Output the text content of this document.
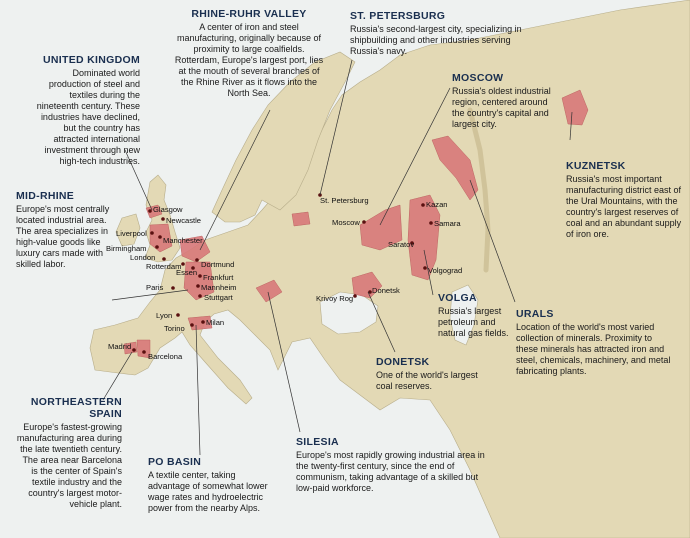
RHINE-RUHR VALLEY
A center of iron and steel manufacturing, originally because of proximity to large coalfields. Rotterdam, Europe's largest port, lies at the mouth of several branches of the Rhine River as it flows into the North Sea.
ST. PETERSBURG
Russia's second-largest city, specializing in shipbuilding and other industries serving Russia's navy.
UNITED KINGDOM
Dominated world production of steel and textiles during the nineteenth century. These industries have declined, but the country has attracted international investment through new high-tech industries.
MOSCOW
Russia's oldest industrial region, centered around the country's capital and largest city.
KUZNETSK
Russia's most important manufacturing district east of the Ural Mountains, with the country's largest reserves of coal and an abundant supply of iron ore.
MID-RHINE
Europe's most centrally located industrial area. The area specializes in high-value goods like luxury cars made with skilled labor.
VOLGA
Russia's largest petroleum and natural gas fields.
URALS
Location of the world's most varied collection of minerals. Proximity to these minerals has attracted iron and steel, chemicals, machinery, and metal fabricating plants.
DONETSK
One of the world's largest coal reserves.
NORTHEASTERN SPAIN
Europe's fastest-growing manufacturing area during the late twentieth century. The area near Barcelona is the center of Spain's textile industry and the country's largest motor-vehicle plant.
PO BASIN
A textile center, taking advantage of somewhat lower wage rates and hydroelectric power from the nearby Alps.
SILESIA
Europe's most rapidly growing industrial area in the twenty-first century, since the end of communism, taking advantage of a skilled but low-paid workforce.
Glasgow
Newcastle
Liverpool
Manchester
Birmingham
London
Rotterdam	Dortmund
Essen
Frankfurt
Mannheim
Stuttgart
Paris
Lyon
Torino
Milan
Madrid
Barcelona
St. Petersburg
Moscow
Kazan
Samara
Saratov
Volgograd
Donetsk
Krivoy Rog
